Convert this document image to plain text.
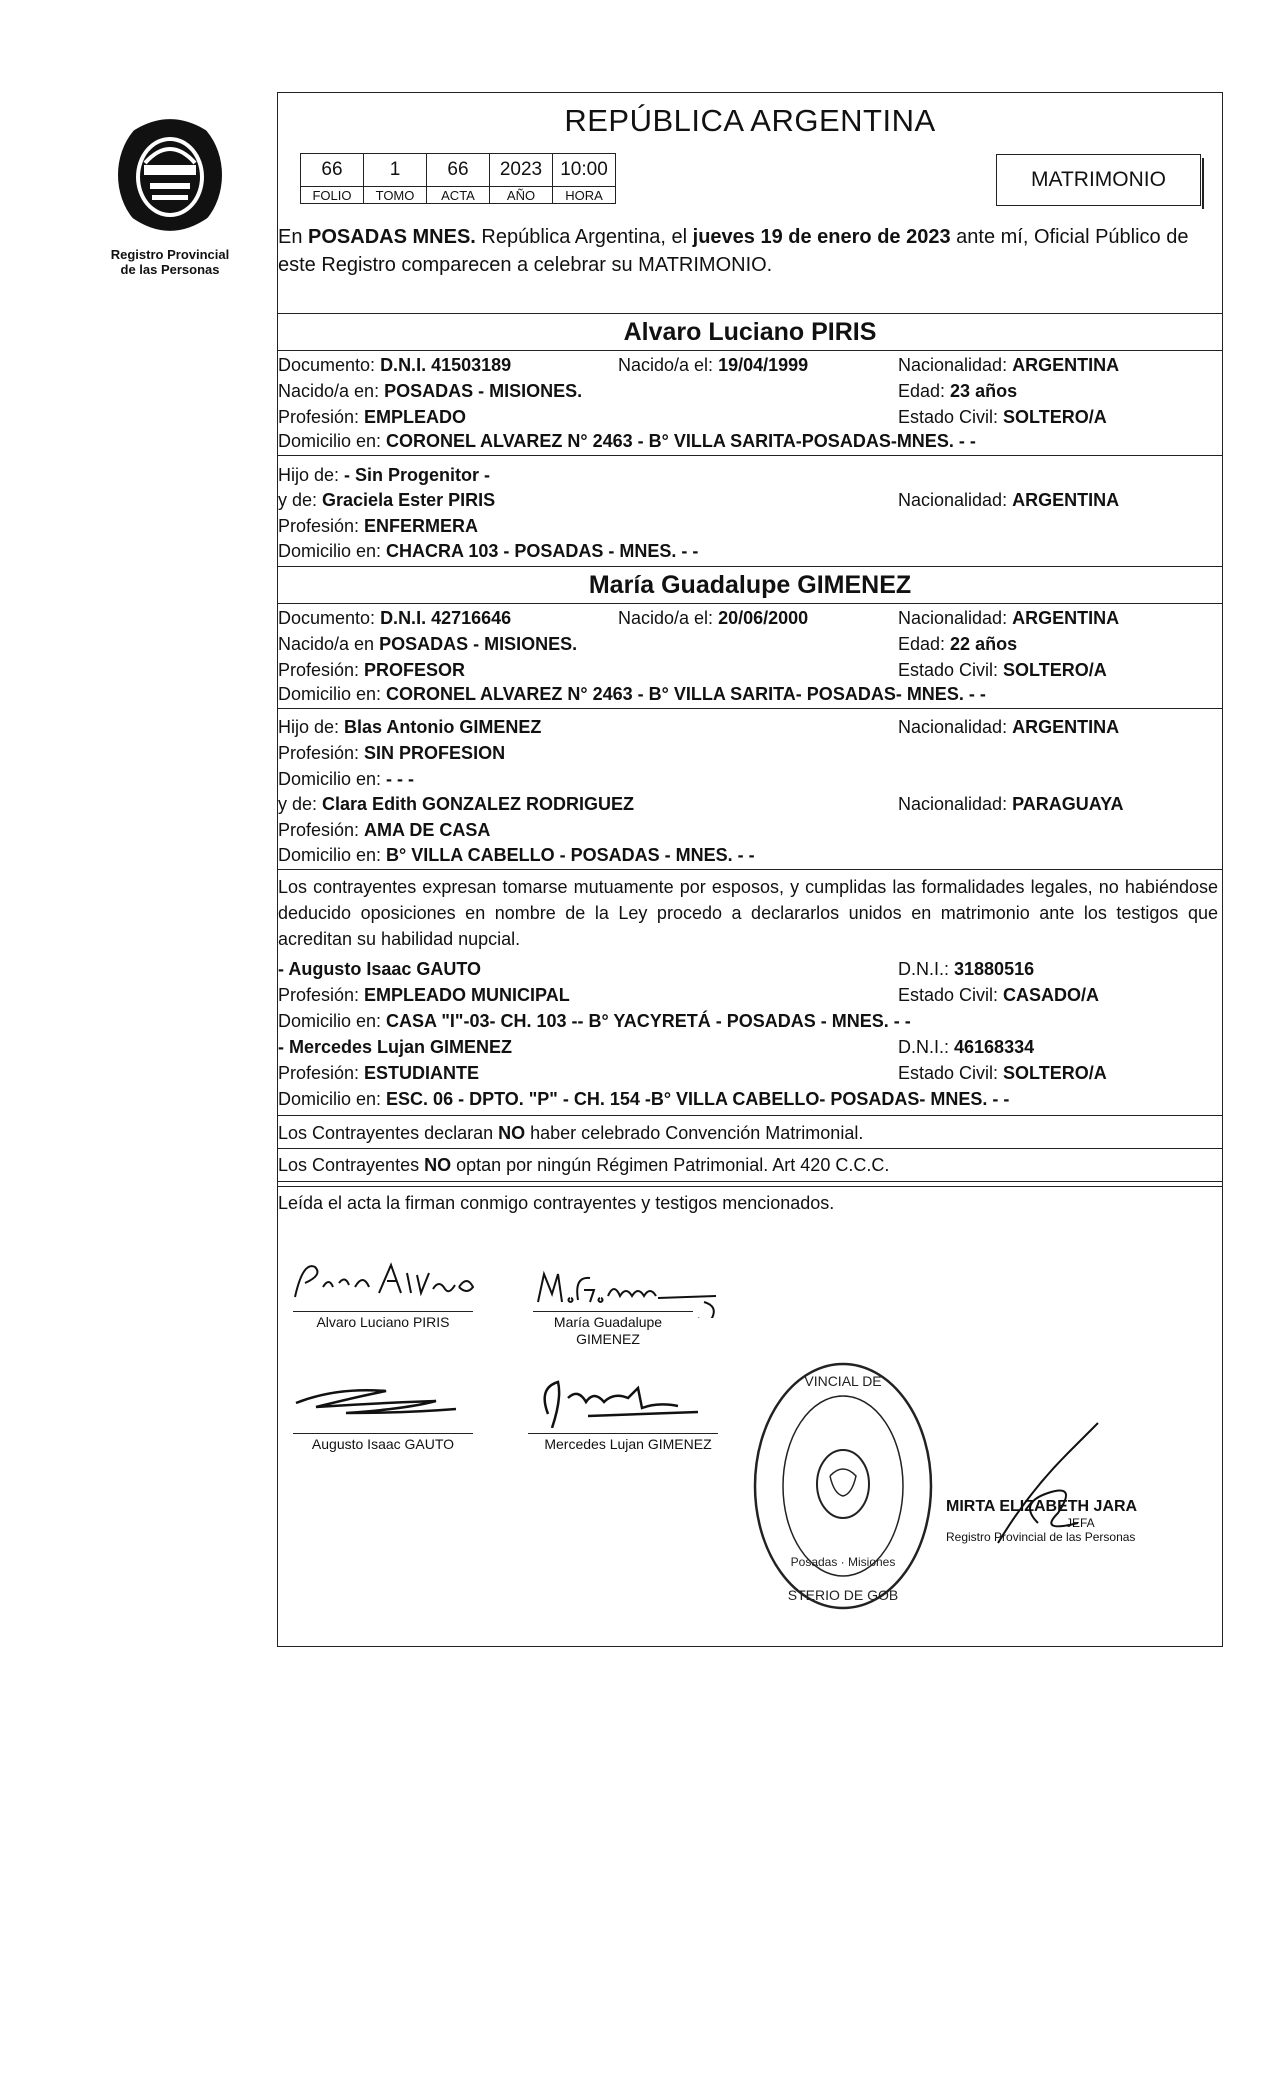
Registro Provincial
de las Personas
REPÚBLICA ARGENTINA
66	1	66	2023	10:00
FOLIO	TOMO	ACTA	AÑO	HORA
MATRIMONIO
En POSADAS MNES. República Argentina, el jueves 19 de enero de 2023 ante mí, Oficial Público de este Registro comparecen a celebrar su MATRIMONIO.
Alvaro Luciano PIRIS
Documento: D.N.I. 41503189	Nacido/a el: 19/04/1999	Nacionalidad: ARGENTINA
Nacido/a en: POSADAS - MISIONES.	Edad: 23 años
Profesión: EMPLEADO	Estado Civil: SOLTERO/A
Domicilio en: CORONEL ALVAREZ N° 2463 - B° VILLA SARITA-POSADAS-MNES. - -
Hijo de: - Sin Progenitor -
y de: Graciela Ester PIRIS	Nacionalidad: ARGENTINA
Profesión: ENFERMERA
Domicilio en: CHACRA 103 - POSADAS - MNES. - -
María Guadalupe GIMENEZ
Documento: D.N.I. 42716646	Nacido/a el: 20/06/2000	Nacionalidad: ARGENTINA
Nacido/a en POSADAS - MISIONES.	Edad: 22 años
Profesión: PROFESOR	Estado Civil: SOLTERO/A
Domicilio en: CORONEL ALVAREZ N° 2463 - B° VILLA SARITA- POSADAS- MNES. - -
Hijo de: Blas Antonio GIMENEZ	Nacionalidad: ARGENTINA
Profesión: SIN PROFESION
Domicilio en: - - -
y de: Clara Edith GONZALEZ RODRIGUEZ	Nacionalidad: PARAGUAYA
Profesión: AMA DE CASA
Domicilio en: B° VILLA CABELLO - POSADAS - MNES. - -
Los contrayentes expresan tomarse mutuamente por esposos, y cumplidas las formalidades legales, no habiéndose deducido oposiciones en nombre de la Ley procedo a declararlos unidos en matrimonio ante los testigos que acreditan su habilidad nupcial.
- Augusto Isaac GAUTO	D.N.I.: 31880516
Profesión: EMPLEADO MUNICIPAL	Estado Civil: CASADO/A
Domicilio en: CASA "I"-03- CH. 103 -- B° YACYRETÁ - POSADAS - MNES. - -
- Mercedes Lujan GIMENEZ	D.N.I.: 46168334
Profesión: ESTUDIANTE	Estado Civil: SOLTERO/A
Domicilio en: ESC. 06 - DPTO. "P" - CH. 154 -B° VILLA CABELLO- POSADAS- MNES. - -
Los Contrayentes declaran NO haber celebrado Convención Matrimonial.
Los Contrayentes NO optan por ningún Régimen Patrimonial. Art 420 C.C.C.
Leída el acta la firman conmigo contrayentes y testigos mencionados.
Alvaro Luciano PIRIS	María Guadalupe
GIMENEZ
Augusto Isaac GAUTO	Mercedes Lujan GIMENEZ
VINCIAL DE
STERIO DE GOB
Posadas · Misiones
MIRTA ELIZABETH JARA
JEFA
Registro Provincial de las Personas
